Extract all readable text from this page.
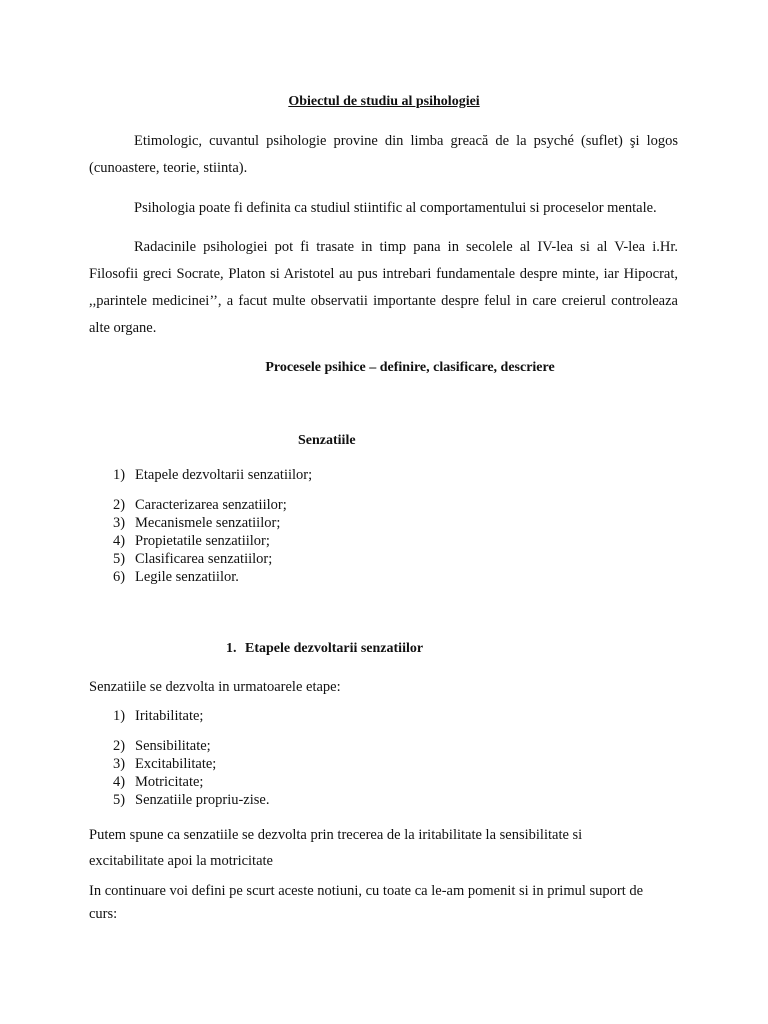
Obiectul de studiu al psihologiei
Etimologic, cuvantul psihologie provine din limba greacă de la psyché (suflet) şi logos
(cunoastere, teorie, stiinta).
Psihologia poate fi definita ca studiul stiintific al comportamentului si proceselor mentale.
Radacinile psihologiei pot fi trasate in timp pana in secolele al IV-lea si al V-lea i.Hr.
Filosofii greci Socrate, Platon si Aristotel au pus intrebari fundamentale despre minte, iar Hipocrat,
,,parintele medicinei’’, a facut multe observatii importante despre felul in care creierul controleaza
alte organe.
Procesele psihice – definire, clasificare, descriere
Senzatiile
1) Etapele dezvoltarii senzatiilor;
2) Caracterizarea senzatiilor;
3) Mecanismele senzatiilor;
4) Propietatile senzatiilor;
5) Clasificarea senzatiilor;
6) Legile senzatiilor.
1. Etapele dezvoltarii senzatiilor
Senzatiile se dezvolta in urmatoarele etape:
1) Iritabilitate;
2) Sensibilitate;
3) Excitabilitate;
4) Motricitate;
5) Senzatiile propriu-zise.
Putem spune ca senzatiile se dezvolta prin trecerea de la iritabilitate la sensibilitate si
excitabilitate apoi la motricitate
In continuare voi defini pe scurt aceste notiuni, cu toate ca le-am pomenit si in primul suport de
curs:
